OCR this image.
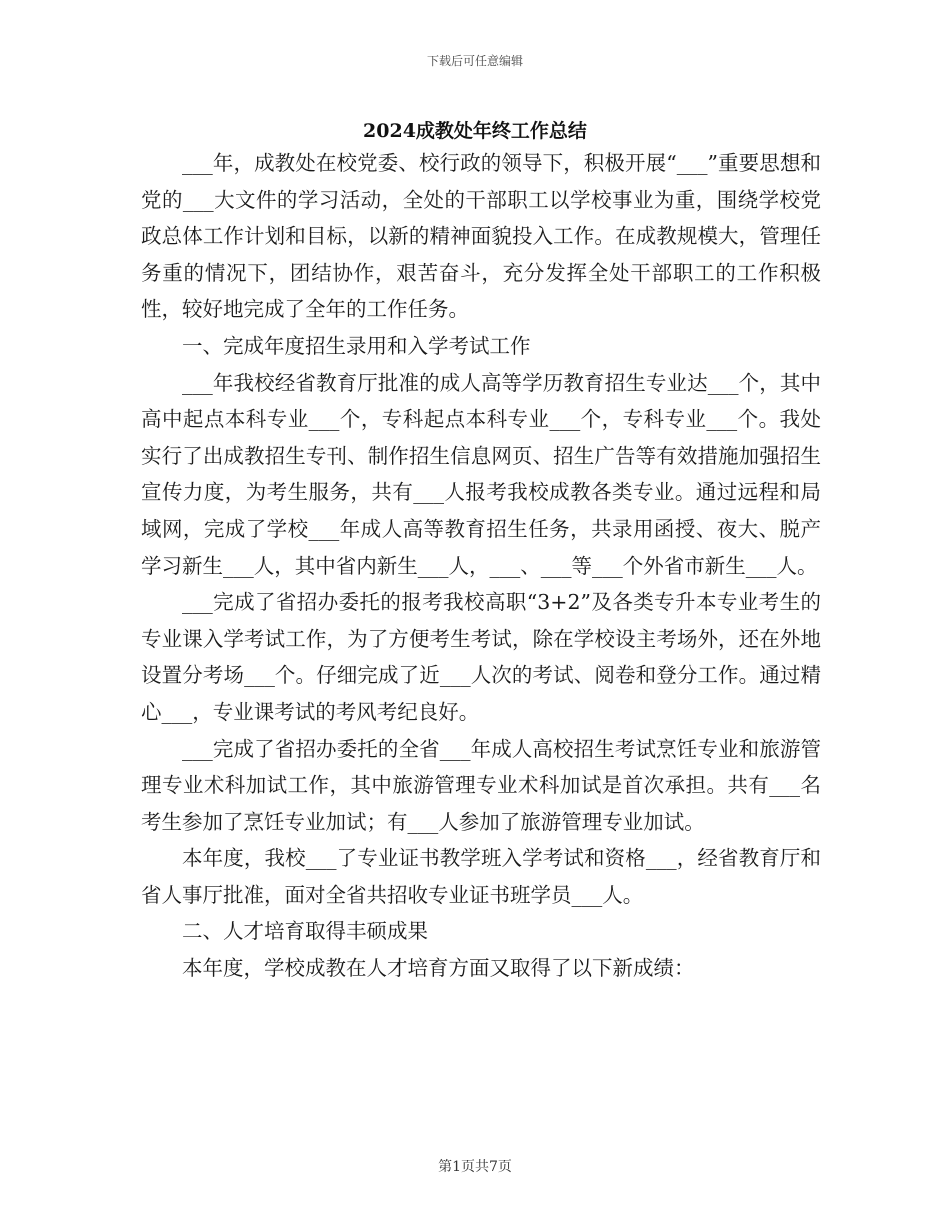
下载后可任意编辑
2024成教处年终工作总结

___年，成教处在校党委、校行政的领导下，积极开展“___”重要思想和党的___大文件的学习活动，全处的干部职工以学校事业为重，围绕学校党政总体工作计划和目标，以新的精神面貌投入工作。在成教规模大，管理任务重的情况下，团结协作，艰苦奋斗，充分发挥全处干部职工的工作积极性，较好地完成了全年的工作任务。

一、完成年度招生录用和入学考试工作

___年我校经省教育厅批准的成人高等学历教育招生专业达___个，其中高中起点本科专业___个，专科起点本科专业___个，专科专业___个。我处实行了出成教招生专刊、制作招生信息网页、招生广告等有效措施加强招生宣传力度，为考生服务，共有___人报考我校成教各类专业。通过远程和局域网，完成了学校___年成人高等教育招生任务，共录用函授、夜大、脱产学习新生___人，其中省内新生___人，___、___等___个外省市新生___人。

___完成了省招办委托的报考我校高职“3+2”及各类专升本专业考生的专业课入学考试工作，为了方便考生考试，除在学校设主考场外，还在外地设置分考场___个。仔细完成了近___人次的考试、阅卷和登分工作。通过精心___，专业课考试的考风考纪良好。

___完成了省招办委托的全省___年成人高校招生考试烹饪专业和旅游管理专业术科加试工作，其中旅游管理专业术科加试是首次承担。共有___名考生参加了烹饪专业加试；有___人参加了旅游管理专业加试。

本年度，我校___了专业证书教学班入学考试和资格___，经省教育厅和省人事厅批准，面对全省共招收专业证书班学员___人。

二、人才培育取得丰硕成果

本年度，学校成教在人才培育方面又取得了以下新成绩：

第1页共7页
